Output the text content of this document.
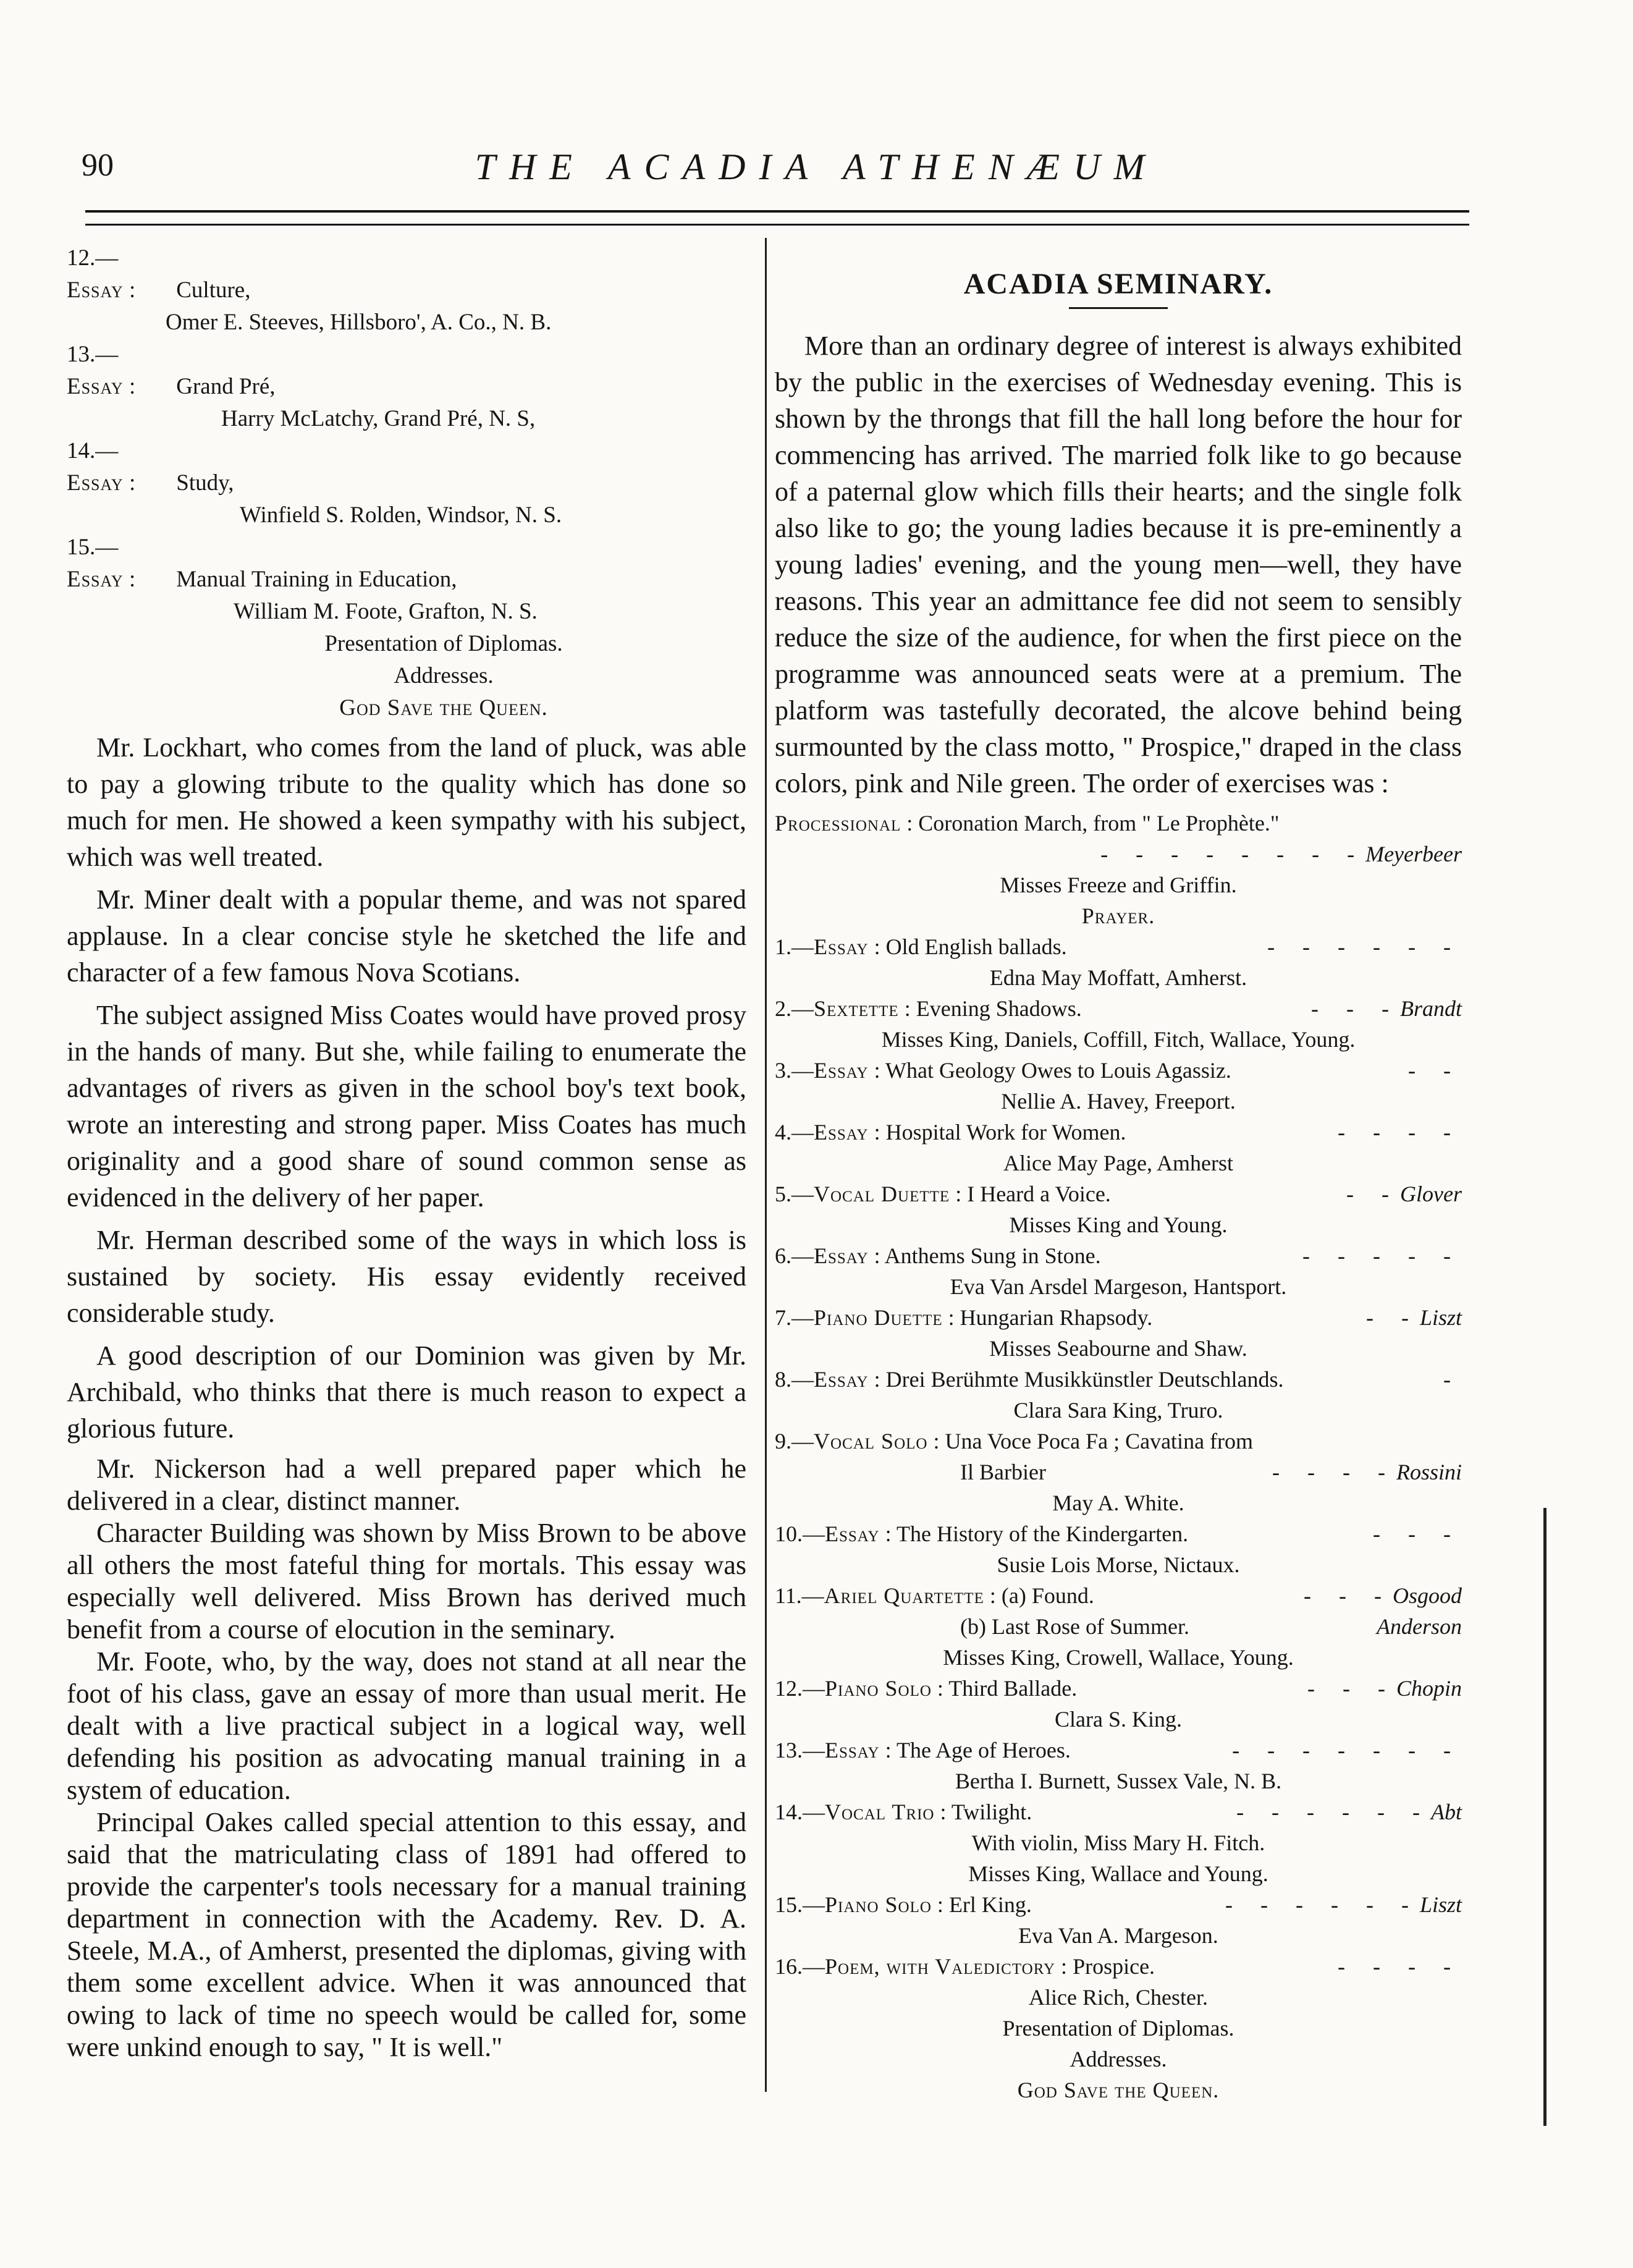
90	THE ACADIA ATHENÆUM
12.—Essay : Culture,
Omer E. Steeves, Hillsboro', A. Co., N. B.
13.—Essay : Grand Pré,
Harry McLatchy, Grand Pré, N. S,
14.—Essay : Study,
Winfield S. Rolden, Windsor, N. S.
15.—Essay : Manual Training in Education,
William M. Foote, Grafton, N. S.
Presentation of Diplomas.
Addresses.
God Save the Queen.

Mr. Lockhart, who comes from the land of pluck, was able to pay a glowing tribute to the quality which has done so much for men. He showed a keen sympathy with his subject, which was well treated.

Mr. Miner dealt with a popular theme, and was not spared applause. In a clear concise style he sketched the life and character of a few famous Nova Scotians.

The subject assigned Miss Coates would have proved prosy in the hands of many. But she, while failing to enumerate the advantages of rivers as given in the school boy's text book, wrote an interesting and strong paper. Miss Coates has much originality and a good share of sound common sense as evidenced in the delivery of her paper.

Mr. Herman described some of the ways in which loss is sustained by society. His essay evidently received considerable study.

A good description of our Dominion was given by Mr. Archibald, who thinks that there is much reason to expect a glorious future.

Mr. Nickerson had a well prepared paper which he delivered in a clear, distinct manner.

Character Building was shown by Miss Brown to be above all others the most fateful thing for mortals. This essay was especially well delivered. Miss Brown has derived much benefit from a course of elocution in the seminary.

Mr. Foote, who, by the way, does not stand at all near the foot of his class, gave an essay of more than usual merit. He dealt with a live practical subject in a logical way, well defending his position as advocating manual training in a system of education.

Principal Oakes called special attention to this essay, and said that the matriculating class of 1891 had offered to provide the carpenter's tools necessary for a manual training department in connection with the Academy. Rev. D. A. Steele, M.A., of Amherst, presented the diplomas, giving with them some excellent advice. When it was announced that owing to lack of time no speech would be called for, some were unkind enough to say, " It is well."

ACADIA SEMINARY.

More than an ordinary degree of interest is always exhibited by the public in the exercises of Wednesday evening. This is shown by the throngs that fill the hall long before the hour for commencing has arrived. The married folk like to go because of a paternal glow which fills their hearts; and the single folk also like to go; the young ladies because it is pre-eminently a young ladies' evening, and the young men—well, they have reasons. This year an admittance fee did not seem to sensibly reduce the size of the audience, for when the first piece on the programme was announced seats were at a premium. The platform was tastefully decorated, the alcove behind being surmounted by the class motto, " Prospice," draped in the class colors, pink and Nile green. The order of exercises was :

Processional : Coronation March, from " Le Prophète."
- - - - - - - -Meyerbeer
Misses Freeze and Griffin.
Prayer.
1.—Essay : Old English ballads.	- - - - - -
Edna May Moffatt, Amherst.
2.—Sextette : Evening Shadows.	- - -Brandt
Misses King, Daniels, Coffill, Fitch, Wallace, Young.
3.—Essay : What Geology Owes to Louis Agassiz.	- -
Nellie A. Havey, Freeport.
4.—Essay : Hospital Work for Women.	- - - -
Alice May Page, Amherst
5.—Vocal Duette : I Heard a Voice.	- -Glover
Misses King and Young.
6.—Essay : Anthems Sung in Stone.	- - - - -
Eva Van Arsdel Margeson, Hantsport.
7.—Piano Duette : Hungarian Rhapsody.	- -Liszt
Misses Seabourne and Shaw.
8.—Essay : Drei Berühmte Musikkünstler Deutschlands.	-
Clara Sara King, Truro.
9.—Vocal Solo : Una Voce Poca Fa ; Cavatina from
Il Barbier	- - - -Rossini
May A. White.
10.—Essay : The History of the Kindergarten.	- - -
Susie Lois Morse, Nictaux.
11.—Ariel Quartette : (a) Found.	- - -Osgood
(b) Last Rose of Summer.	Anderson
Misses King, Crowell, Wallace, Young.
12.—Piano Solo : Third Ballade.	- - -Chopin
Clara S. King.
13.—Essay : The Age of Heroes.	- - - - - - -
Bertha I. Burnett, Sussex Vale, N. B.
14.—Vocal Trio : Twilight.	- - - - - -Abt
With violin, Miss Mary H. Fitch.
Misses King, Wallace and Young.
15.—Piano Solo : Erl King.	- - - - - -Liszt
Eva Van A. Margeson.
16.—Poem, with Valedictory : Prospice.	- - - -
Alice Rich, Chester.
Presentation of Diplomas.
Addresses.
God Save the Queen.
